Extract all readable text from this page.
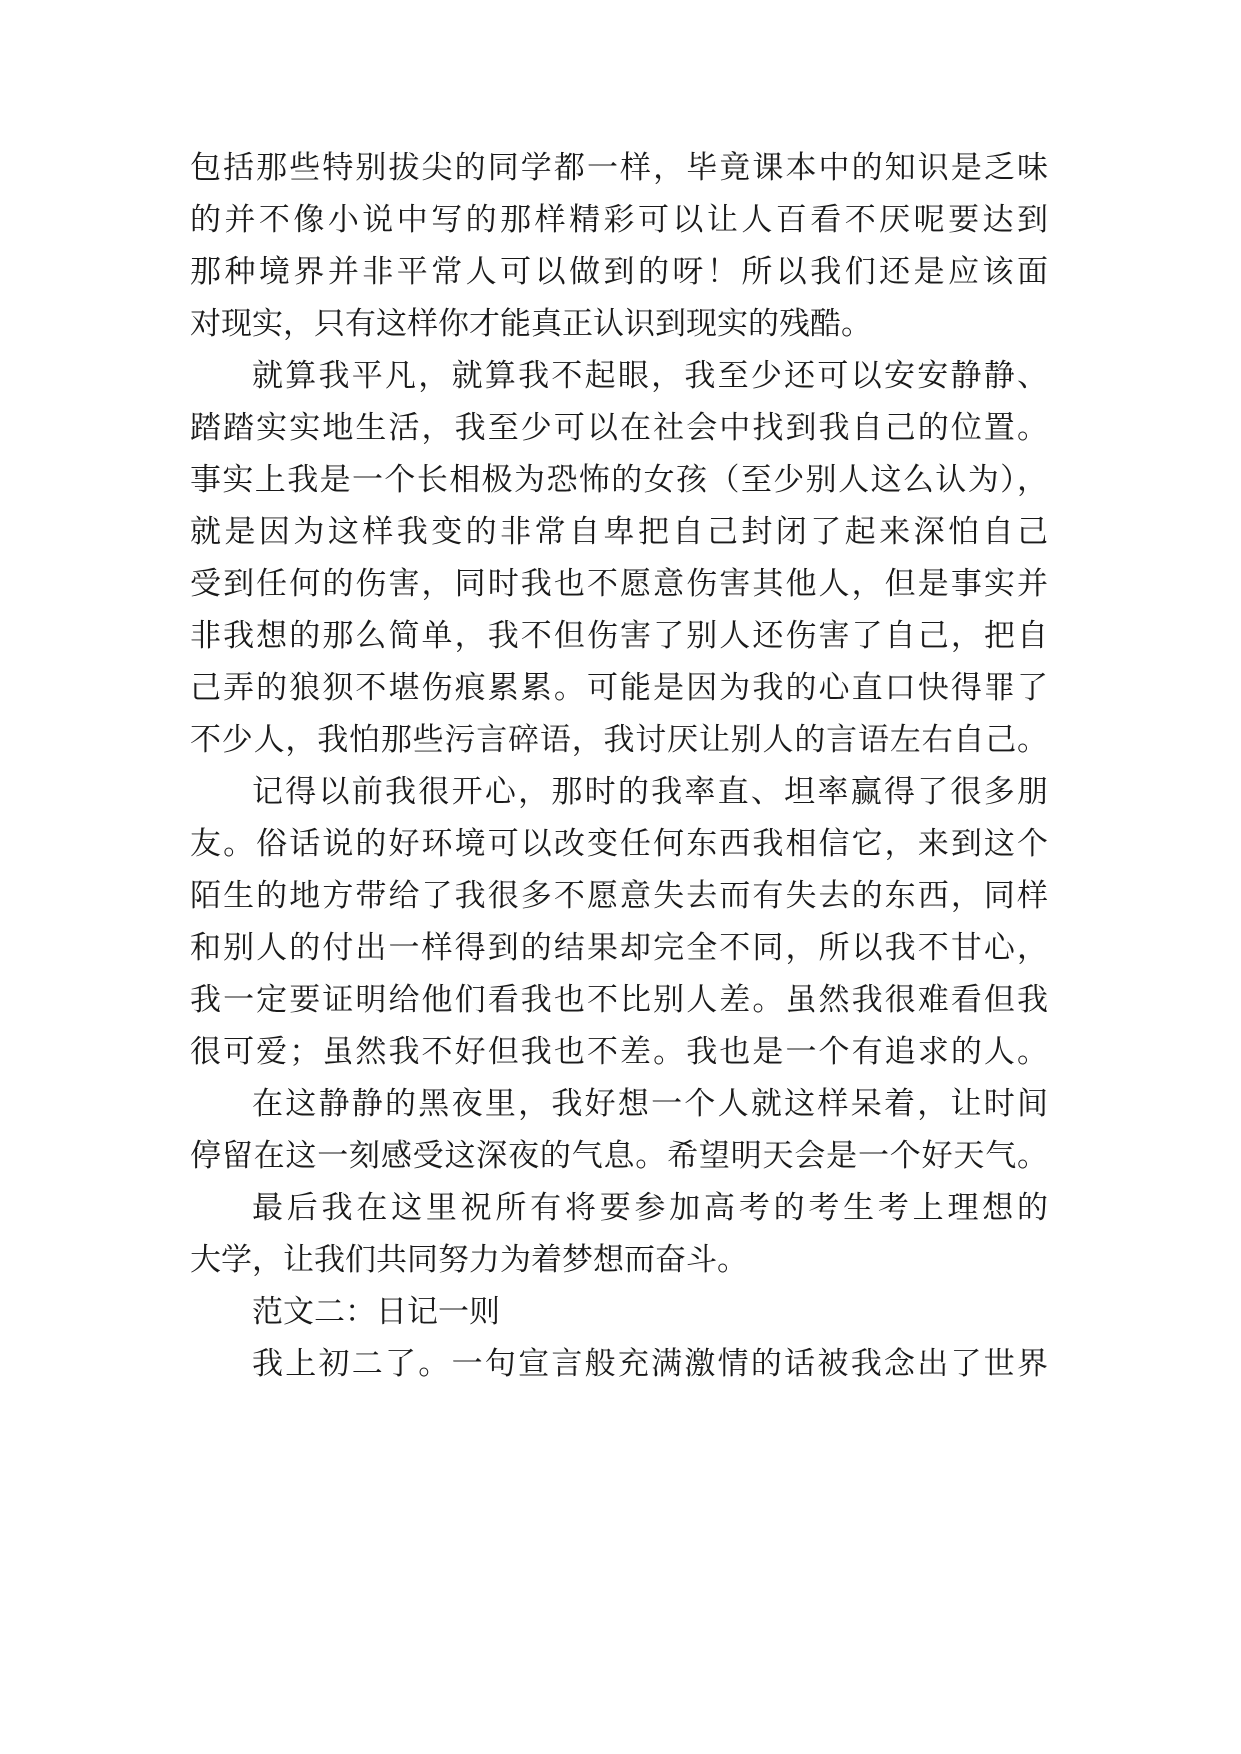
包括那些特别拔尖的同学都一样，毕竟课本中的知识是乏味
的并不像小说中写的那样精彩可以让人百看不厌呢要达到
那种境界并非平常人可以做到的呀！所以我们还是应该面
对现实，只有这样你才能真正认识到现实的残酷。
就算我平凡，就算我不起眼，我至少还可以安安静静、
踏踏实实地生活，我至少可以在社会中找到我自己的位置。
事实上我是一个长相极为恐怖的女孩（至少别人这么认为），
就是因为这样我变的非常自卑把自己封闭了起来深怕自己
受到任何的伤害，同时我也不愿意伤害其他人，但是事实并
非我想的那么简单，我不但伤害了别人还伤害了自己，把自
己弄的狼狈不堪伤痕累累。可能是因为我的心直口快得罪了
不少人，我怕那些污言碎语，我讨厌让别人的言语左右自己。
记得以前我很开心，那时的我率直、坦率赢得了很多朋
友。俗话说的好环境可以改变任何东西我相信它，来到这个
陌生的地方带给了我很多不愿意失去而有失去的东西，同样
和别人的付出一样得到的结果却完全不同，所以我不甘心，
我一定要证明给他们看我也不比别人差。虽然我很难看但我
很可爱；虽然我不好但我也不差。我也是一个有追求的人。
在这静静的黑夜里，我好想一个人就这样呆着，让时间
停留在这一刻感受这深夜的气息。希望明天会是一个好天气。
最后我在这里祝所有将要参加高考的考生考上理想的
大学，让我们共同努力为着梦想而奋斗。
范文二：日记一则
我上初二了。一句宣言般充满激情的话被我念出了世界
